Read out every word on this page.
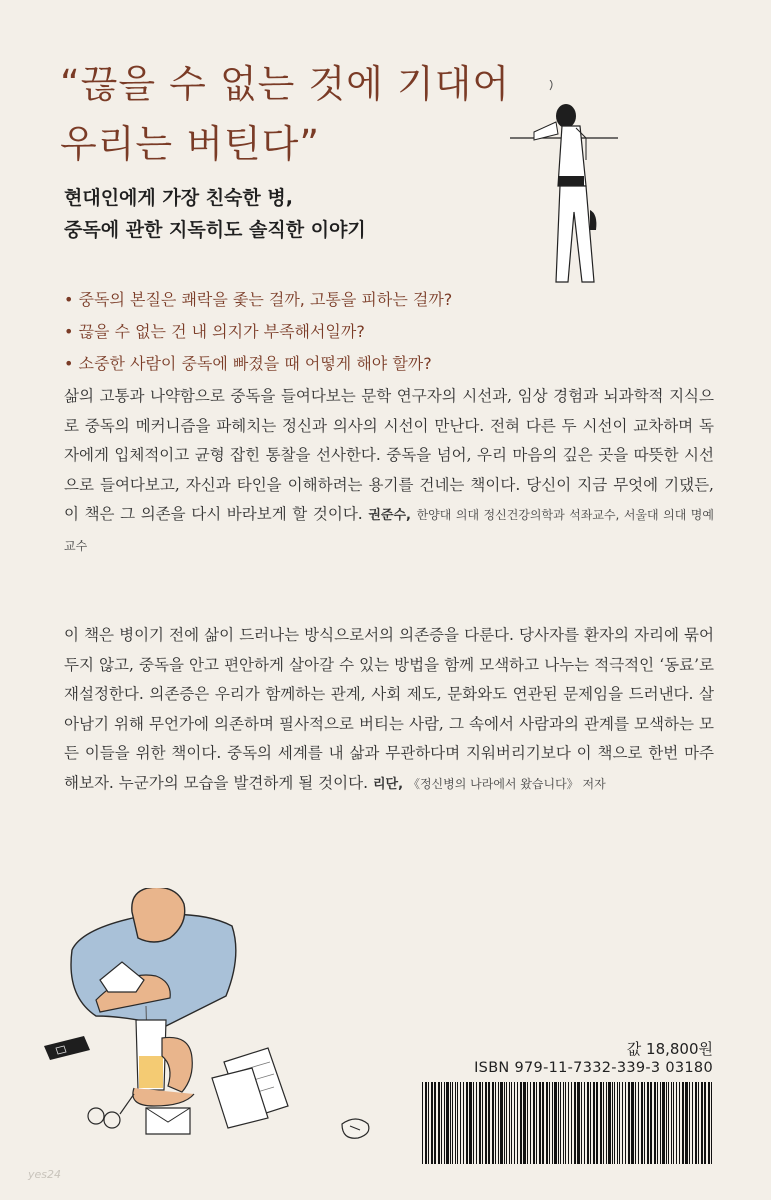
“끊을 수 없는 것에 기대어
우리는 버틴다”
현대인에게 가장 친숙한 병,
중독에 관한 지독히도 솔직한 이야기
• 중독의 본질은 쾌락을 좇는 걸까, 고통을 피하는 걸까?
• 끊을 수 없는 건 내 의지가 부족해서일까?
• 소중한 사람이 중독에 빠졌을 때 어떻게 해야 할까?

삶의 고통과 나약함으로 중독을 들여다보는 문학 연구자의 시선과, 임상 경험과 뇌과학적 지식으로 중독의 메커니즘을 파헤치는 정신과 의사의 시선이 만난다. 전혀 다른 두 시선이 교차하며 독자에게 입체적이고 균형 잡힌 통찰을 선사한다. 중독을 넘어, 우리 마음의 깊은 곳을 따뜻한 시선으로 들여다보고, 자신과 타인을 이해하려는 용기를 건네는 책이다. 당신이 지금 무엇에 기댔든, 이 책은 그 의존을 다시 바라보게 할 것이다. 권준수, 한양대 의대 정신건강의학과 석좌교수, 서울대 의대 명예교수

이 책은 병이기 전에 삶이 드러나는 방식으로서의 의존증을 다룬다. 당사자를 환자의 자리에 묶어두지 않고, 중독을 안고 편안하게 살아갈 수 있는 방법을 함께 모색하고 나누는 적극적인 ‘동료’로 재설정한다. 의존증은 우리가 함께하는 관계, 사회 제도, 문화와도 연관된 문제임을 드러낸다. 살아남기 위해 무언가에 의존하며 필사적으로 버티는 사람, 그 속에서 사람과의 관계를 모색하는 모든 이들을 위한 책이다. 중독의 세계를 내 삶과 무관하다며 지워버리기보다 이 책으로 한번 마주해보자. 누군가의 모습을 발견하게 될 것이다. 리단, 《정신병의 나라에서 왔습니다》 저자

값 18,800원
ISBN 979-11-7332-339-3 03180
yes24
